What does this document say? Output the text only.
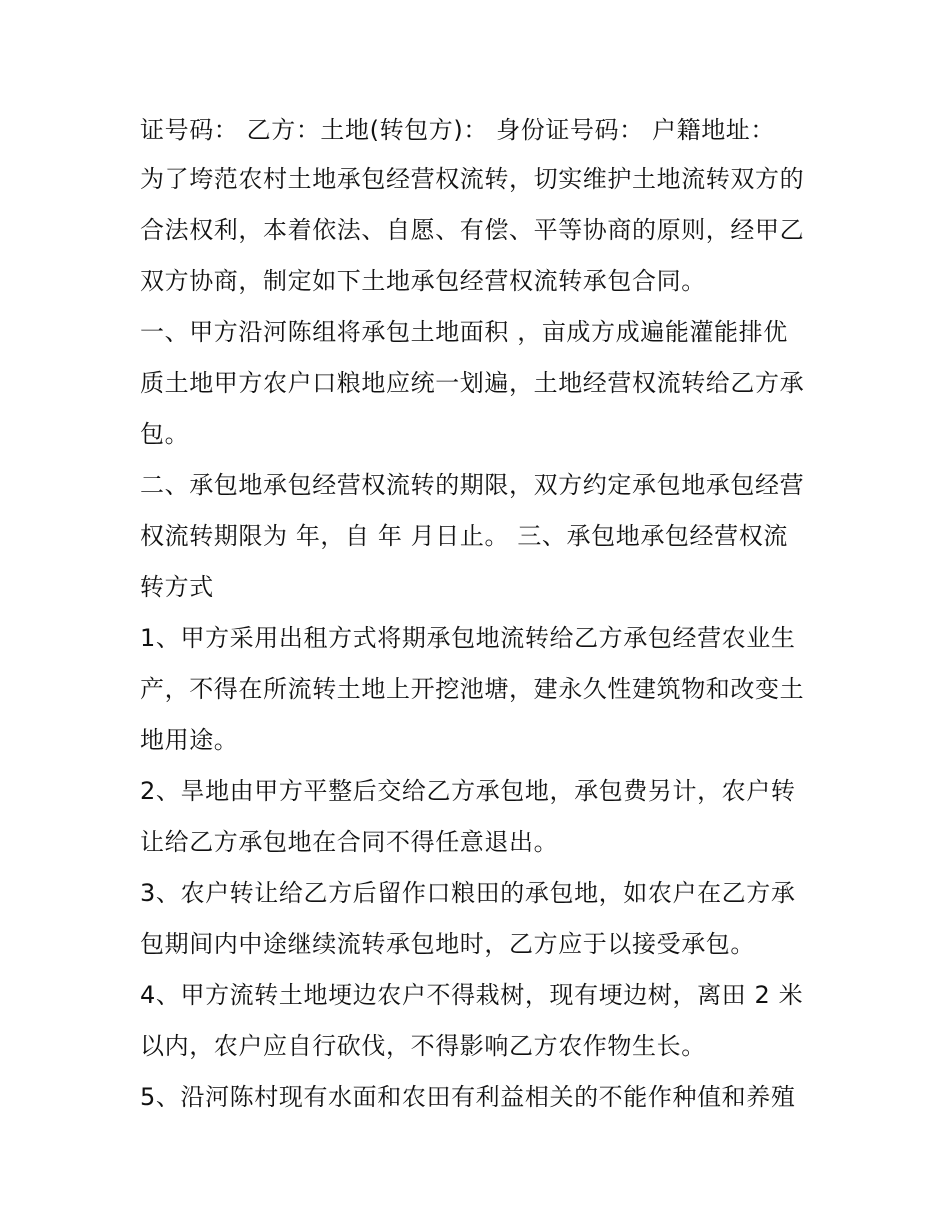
证号码： 乙方：土地(转包方)： 身份证号码： 户籍地址：
为了垮范农村土地承包经营权流转，切实维护土地流转双方的
合法权利，本着依法、自愿、有偿、平等协商的原则，经甲乙
双方协商，制定如下土地承包经营权流转承包合同。
一、甲方沿河陈组将承包土地面积 ，亩成方成遍能灌能排优
质土地甲方农户口粮地应统一划遍，土地经营权流转给乙方承
包。
二、承包地承包经营权流转的期限，双方约定承包地承包经营
权流转期限为 年，自 年 月日止。 三、承包地承包经营权流
转方式
1、甲方采用出租方式将期承包地流转给乙方承包经营农业生
产，不得在所流转土地上开挖池塘，建永久性建筑物和改变土
地用途。
2、旱地由甲方平整后交给乙方承包地，承包费另计，农户转
让给乙方承包地在合同不得任意退出。
3、农户转让给乙方后留作口粮田的承包地，如农户在乙方承
包期间内中途继续流转承包地时，乙方应于以接受承包。
4、甲方流转土地埂边农户不得栽树，现有埂边树，离田 2 米
以内，农户应自行砍伐，不得影响乙方农作物生长。
5、沿河陈村现有水面和农田有利益相关的不能作种值和养殖
